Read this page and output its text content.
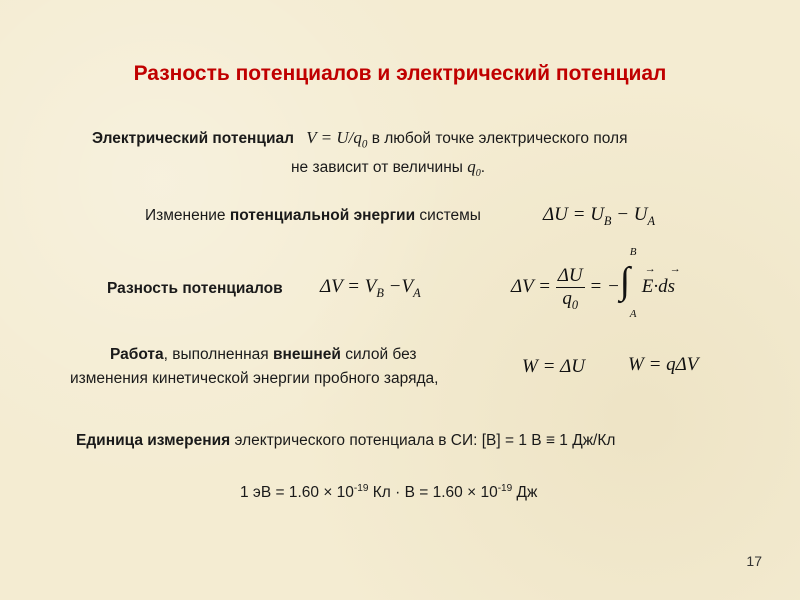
Разность потенциалов и электрический потенциал
Электрический потенциал $V = U/q_0$ в любой точке электрического поля
не зависит от величины $q_0$.
Изменение потенциальной энергии системы	$\Delta U = U_B - U_A$
Разность потенциалов $\Delta V = V_B -V_A$	$\Delta V = \frac{\Delta U}{q_0}$ = − ∫
B
A
E·ds
→ →
Работа, выполненная внешней силой без
изменения кинетической энергии пробного заряда,
W = ΔU W = qΔV
Единица измерения электрического потенциала в СИ: [В] = 1 В ≡ 1 Дж/Кл
1 эВ = $1.60 \times 10^{-19}$ Кл · $В = 1.60 \times 10^{-19}$ Дж
17
